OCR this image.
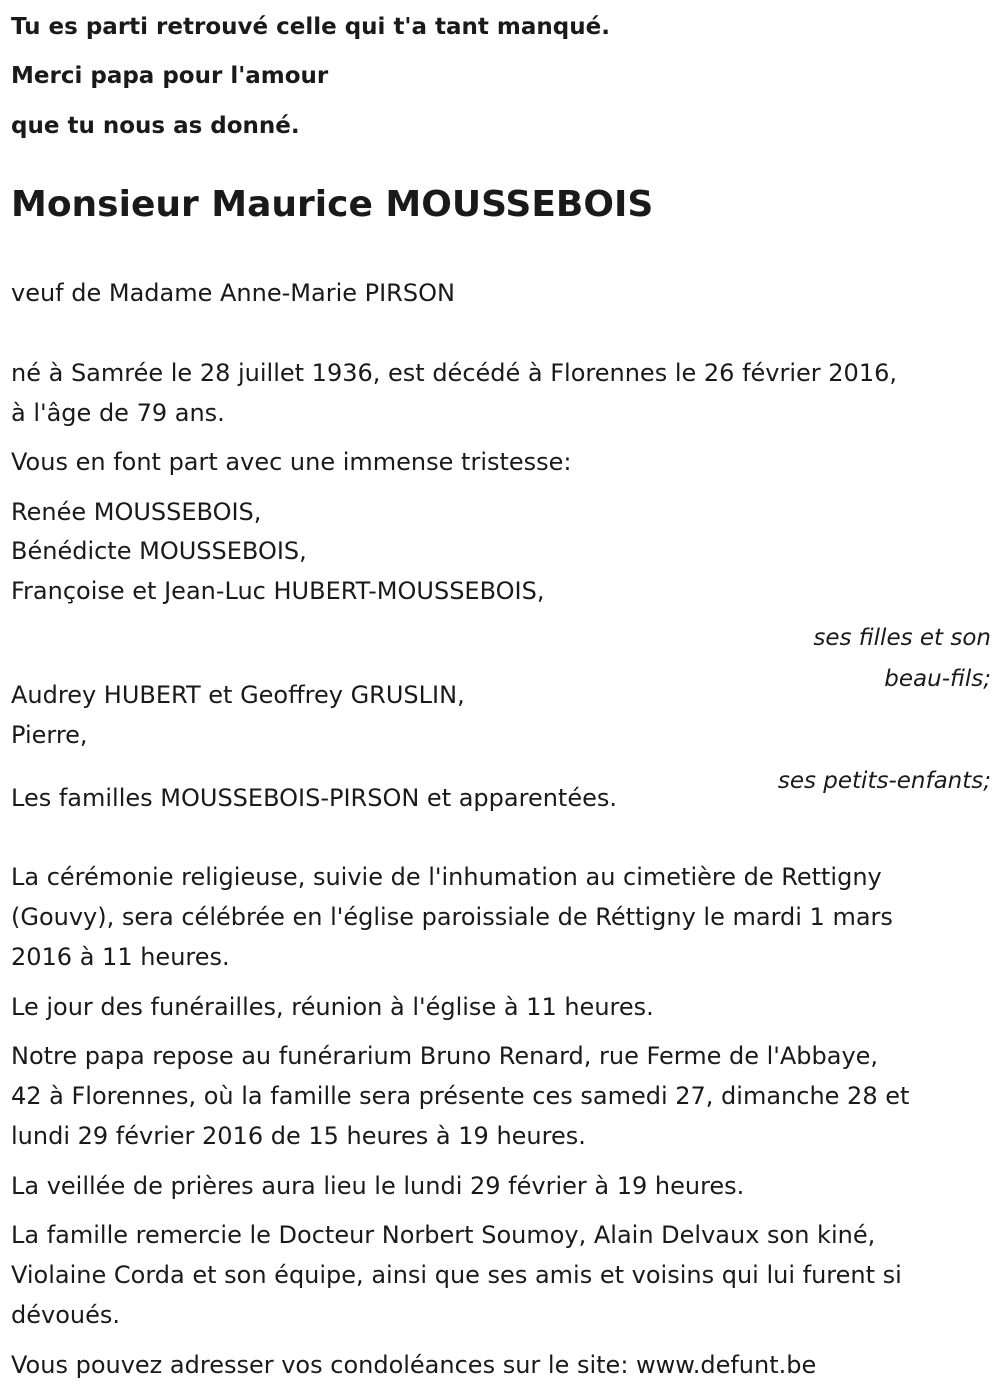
Tu es parti retrouvé celle qui t'a tant manqué.

Merci papa pour l'amour

que tu nous as donné.

Monsieur Maurice MOUSSEBOIS

veuf de Madame Anne-Marie PIRSON

né à Samrée le 28 juillet 1936, est décédé à Florennes le 26 février 2016,

à l'âge de 79 ans.

Vous en font part avec une immense tristesse:

Renée MOUSSEBOIS,

Bénédicte MOUSSEBOIS,

Françoise et Jean-Luc HUBERT-MOUSSEBOIS,

ses filles et son

beau-fils;

Audrey HUBERT et Geoffrey GRUSLIN,

Pierre,

ses petits-enfants;

Les familles MOUSSEBOIS-PIRSON et apparentées.

La cérémonie religieuse, suivie de l'inhumation au cimetière de Rettigny

(Gouvy), sera célébrée en l'église paroissiale de Réttigny le mardi 1 mars

2016 à 11 heures.

Le jour des funérailles, réunion à l'église à 11 heures.

Notre papa repose au funérarium Bruno Renard, rue Ferme de l'Abbaye,

42 à Florennes, où la famille sera présente ces samedi 27, dimanche 28 et

lundi 29 février 2016 de 15 heures à 19 heures.

La veillée de prières aura lieu le lundi 29 février à 19 heures.

La famille remercie le Docteur Norbert Soumoy, Alain Delvaux son kiné,

Violaine Corda et son équipe, ainsi que ses amis et voisins qui lui furent si

dévoués.

Vous pouvez adresser vos condoléances sur le site: www.defunt.be
